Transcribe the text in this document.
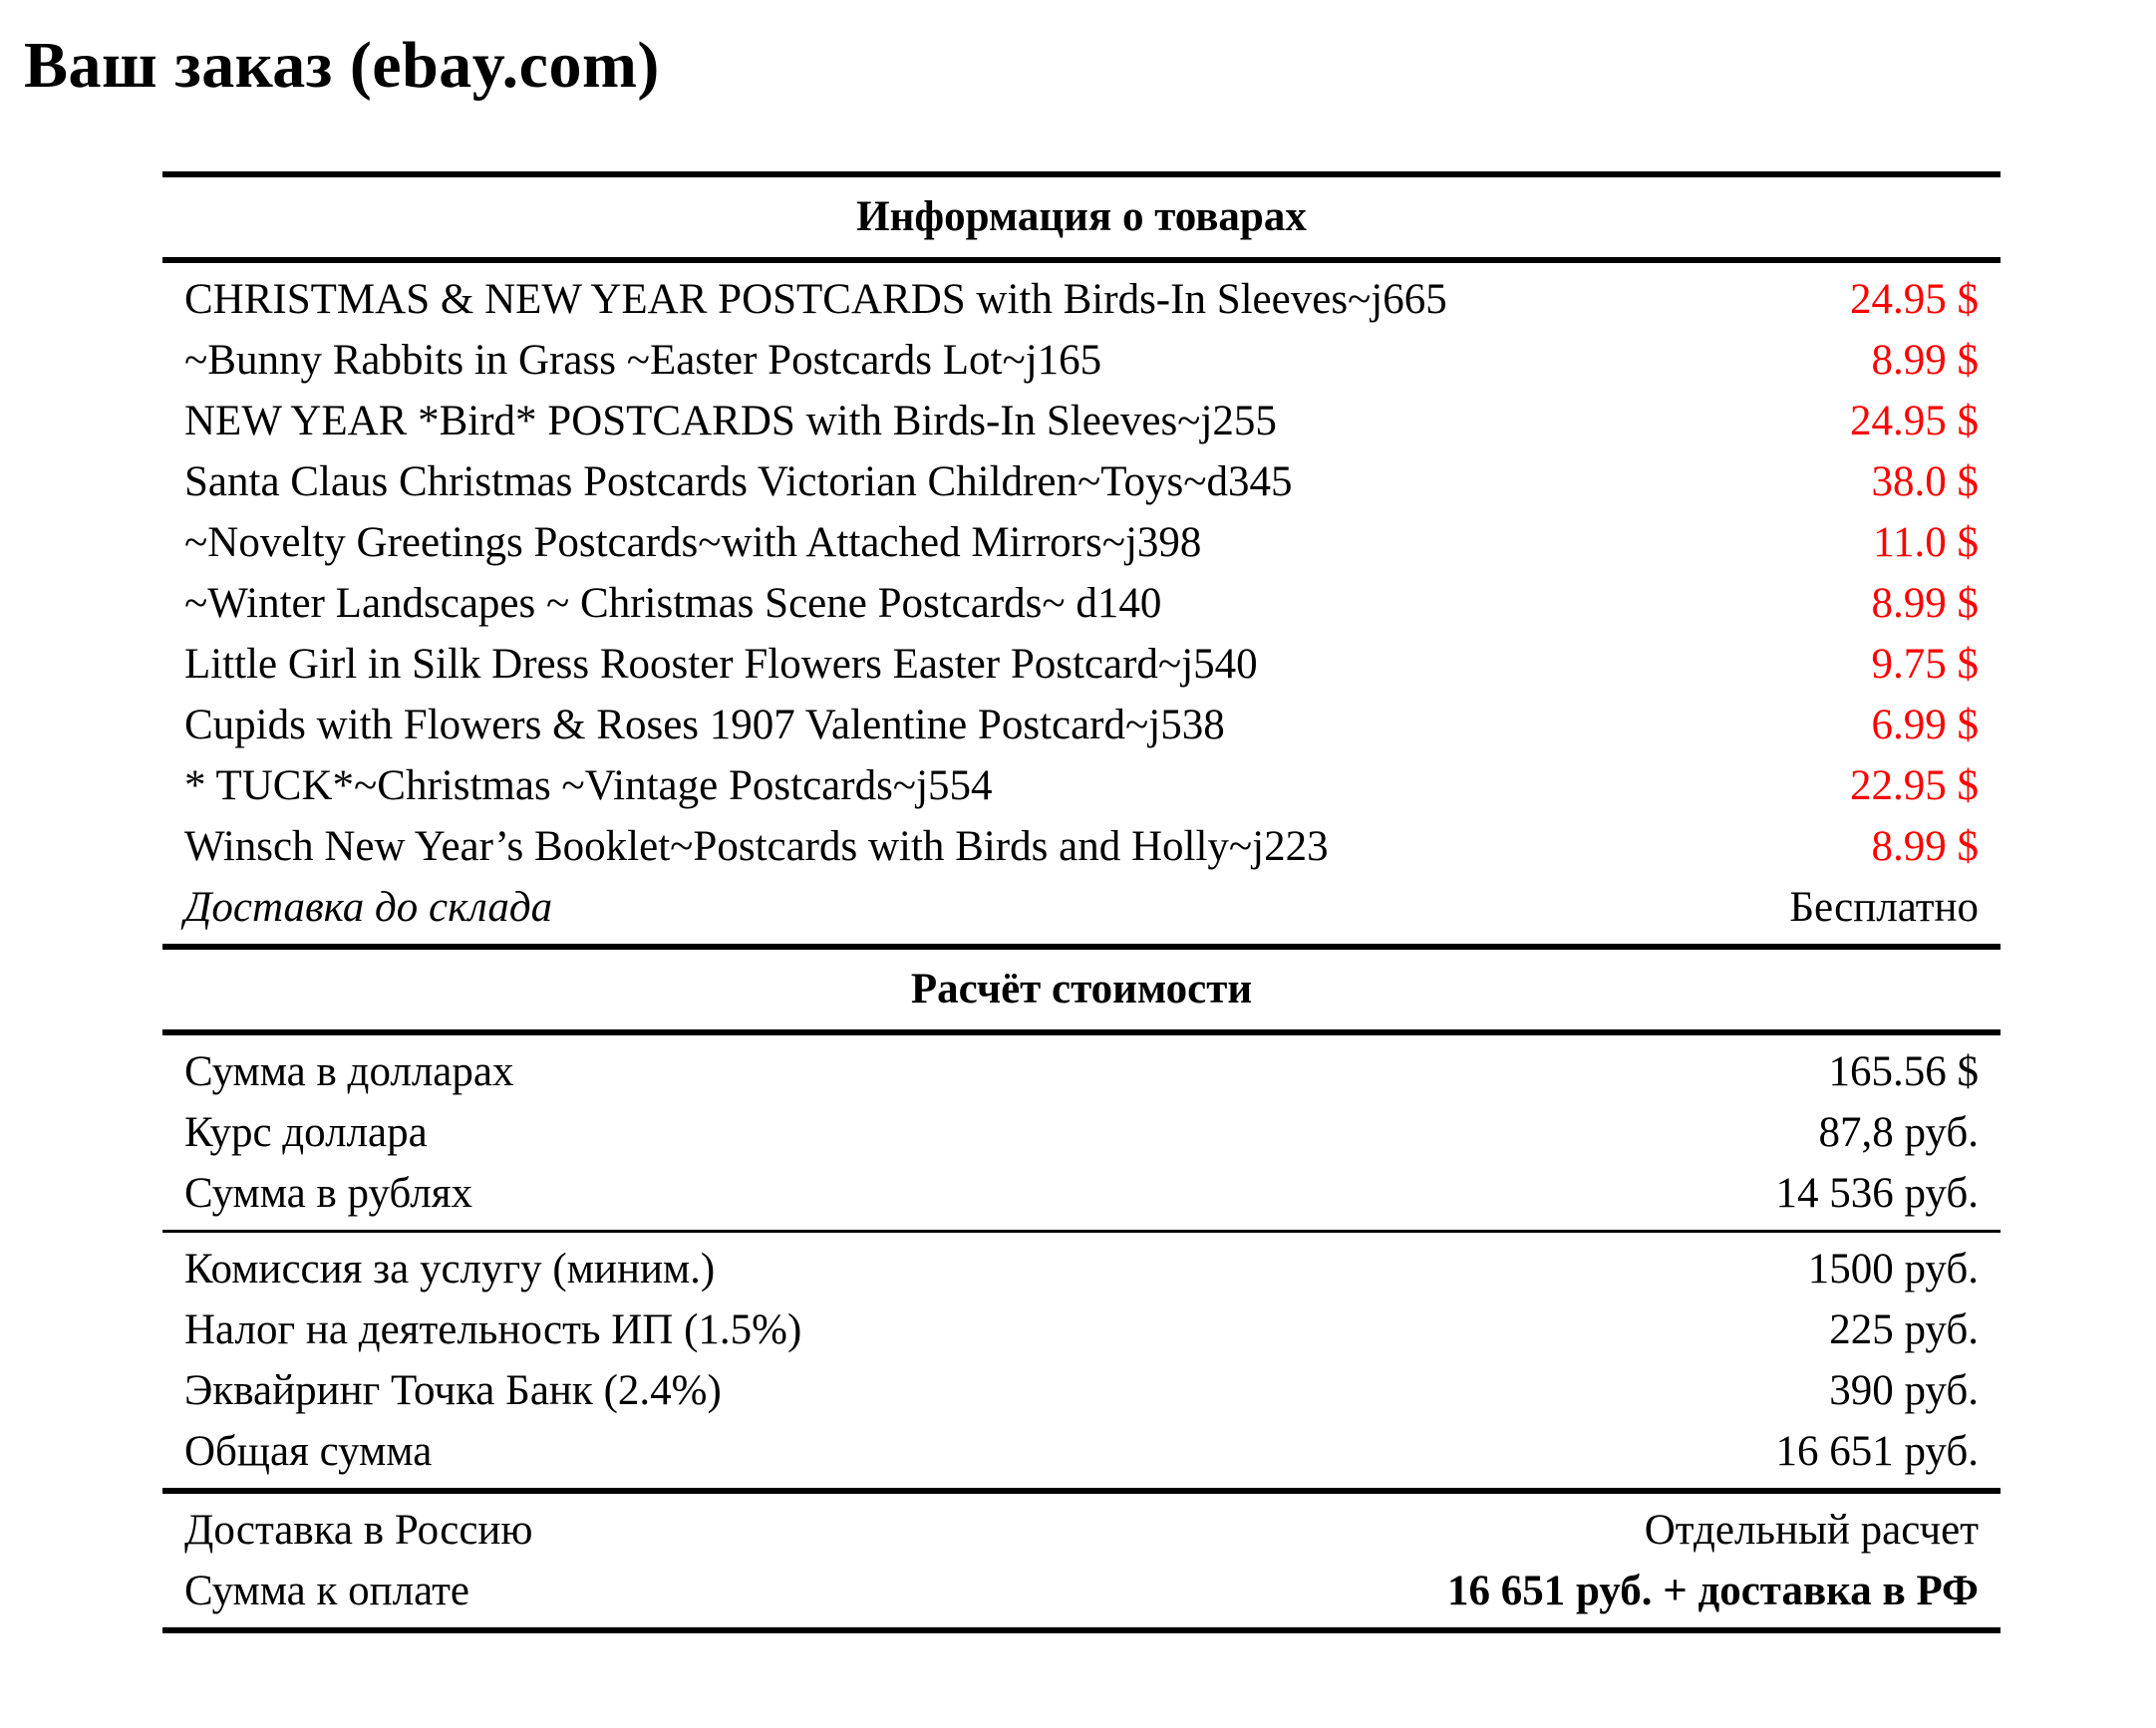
Ваш заказ (ebay.com)
Информация о товарах
CHRISTMAS & NEW YEAR POSTCARDS with Birds-In Sleeves~j665	24.95 $
~Bunny Rabbits in Grass ~Easter Postcards Lot~j165	8.99 $
NEW YEAR *Bird* POSTCARDS with Birds-In Sleeves~j255	24.95 $
Santa Claus Christmas Postcards Victorian Children~Toys~d345	38.0 $
~Novelty Greetings Postcards~with Attached Mirrors~j398	11.0 $
~Winter Landscapes ~ Christmas Scene Postcards~ d140	8.99 $
Little Girl in Silk Dress Rooster Flowers Easter Postcard~j540	9.75 $
Cupids with Flowers & Roses 1907 Valentine Postcard~j538	6.99 $
* TUCK*~Christmas ~Vintage Postcards~j554	22.95 $
Winsch New Year’s Booklet~Postcards with Birds and Holly~j223	8.99 $
Доставка до склада	Бесплатно
Расчёт стоимости
Сумма в долларах	165.56 $
Курс доллара	87,8 руб.
Сумма в рублях	14 536 руб.
Комиссия за услугу (миним.)	1500 руб.
Налог на деятельность ИП (1.5%)	225 руб.
Эквайринг Точка Банк (2.4%)	390 руб.
Общая сумма	16 651 руб.
Доставка в Россию	Отдельный расчет
Сумма к оплате	16 651 руб. + доставка в РФ
